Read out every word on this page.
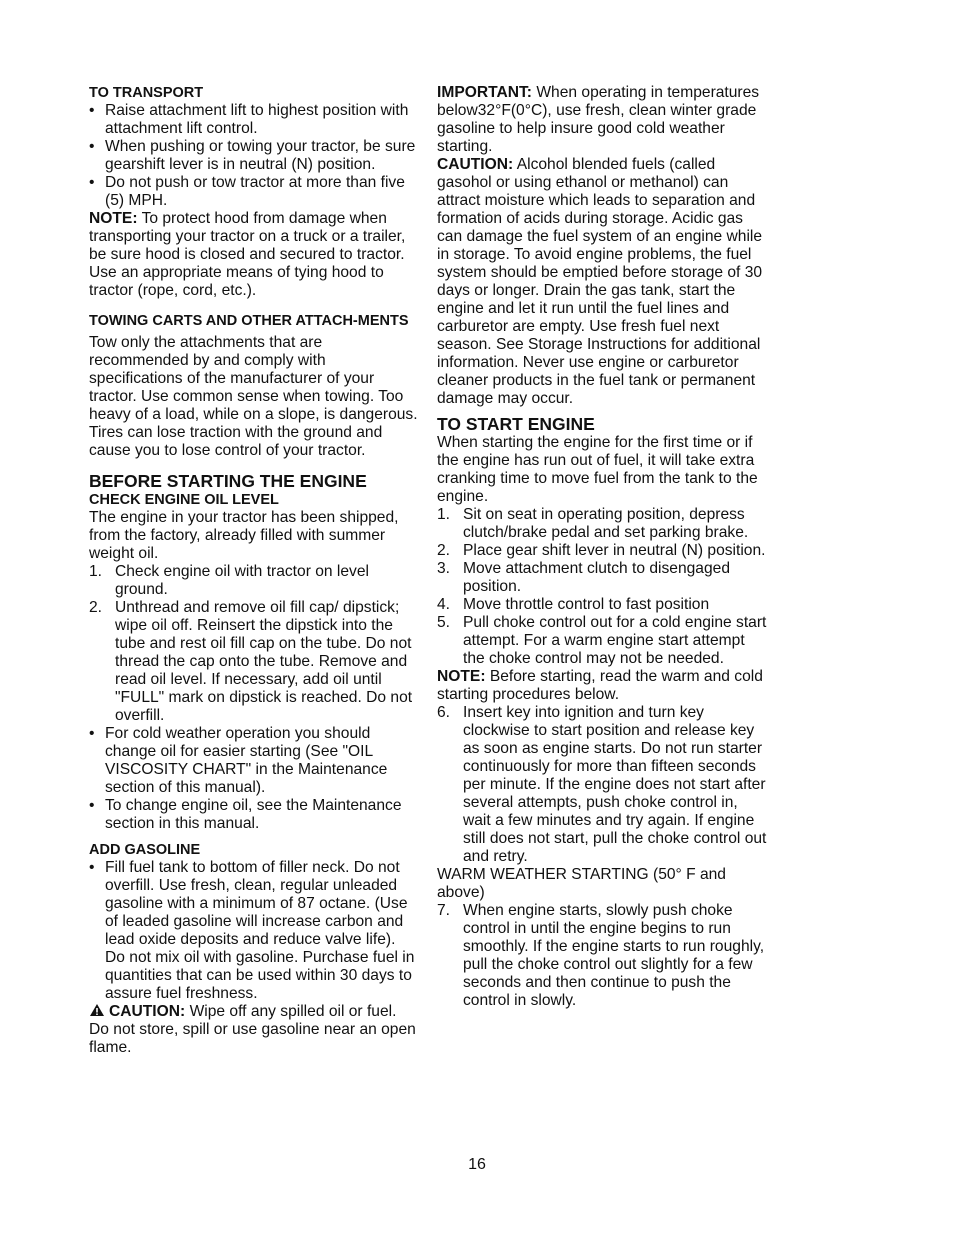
TO TRANSPORT

• Raise attachment lift to highest position with attachment lift control.

• When pushing or towing your tractor, be sure gearshift lever is in neutral (N) position.

• Do not push or tow tractor at more than five (5) MPH.

NOTE: To protect hood from damage when transporting your tractor on a truck or a trailer, be sure hood is closed and secured to tractor. Use an appropriate means of tying hood to tractor (rope, cord, etc.).

TOWING CARTS AND OTHER ATTACH-MENTS

Tow only the attachments that are recommended by and comply with specifications of the manufacturer of your tractor. Use common sense when towing. Too heavy of a load, while on a slope, is dangerous. Tires can lose traction with the ground and cause you to lose control of your tractor.

BEFORE STARTING THE ENGINE
CHECK ENGINE OIL LEVEL

The engine in your tractor has been shipped, from the factory, already filled with summer weight oil.

1. Check engine oil with tractor on level ground.

2. Unthread and remove oil fill cap/ dipstick; wipe oil off. Reinsert the dipstick into the tube and rest oil fill cap on the tube. Do not thread the cap onto the tube. Remove and read oil level. If necessary, add oil until "FULL" mark on dipstick is reached. Do not overfill.

• For cold weather operation you should change oil for easier starting (See "OIL VISCOSITY CHART" in the Maintenance section of this manual).

• To change engine oil, see the Maintenance section in this manual.

ADD GASOLINE

• Fill fuel tank to bottom of filler neck. Do not overfill. Use fresh, clean, regular unleaded gasoline with a minimum of 87 octane. (Use of leaded gasoline will increase carbon and lead oxide deposits and reduce valve life). Do not mix oil with gasoline. Purchase fuel in quantities that can be used within 30 days to assure fuel freshness.

CAUTION: Wipe off any spilled oil or fuel. Do not store, spill or use gasoline near an open flame.

IMPORTANT: When operating in temperatures below32°F(0°C), use fresh, clean winter grade gasoline to help insure good cold weather starting.

CAUTION: Alcohol blended fuels (called gasohol or using ethanol or methanol) can attract moisture which leads to separation and formation of acids during storage. Acidic gas can damage the fuel system of an engine while in storage. To avoid engine problems, the fuel system should be emptied before storage of 30 days or longer. Drain the gas tank, start the engine and let it run until the fuel lines and carburetor are empty. Use fresh fuel next season. See Storage Instructions for additional information. Never use engine or carburetor cleaner products in the fuel tank or permanent damage may occur.

TO START ENGINE

When starting the engine for the first time or if the engine has run out of fuel, it will take extra cranking time to move fuel from the tank to the engine.

1. Sit on seat in operating position, depress clutch/brake pedal and set parking brake.

2. Place gear shift lever in neutral (N) position.

3. Move attachment clutch to disengaged position.

4. Move throttle control to fast position

5. Pull choke control out for a cold engine start attempt. For a warm engine start attempt the choke control may not be needed.

NOTE: Before starting, read the warm and cold starting procedures below.

6. Insert key into ignition and turn key clockwise to start position and release key as soon as engine starts. Do not run starter continuously for more than fifteen seconds per minute. If the engine does not start after several attempts, push choke control in, wait a few minutes and try again. If engine still does not start, pull the choke control out and retry.

WARM WEATHER STARTING (50° F and above)

7. When engine starts, slowly push choke control in until the engine begins to run smoothly. If the engine starts to run roughly, pull the choke control out slightly for a few seconds and then continue to push the control in slowly.

16
